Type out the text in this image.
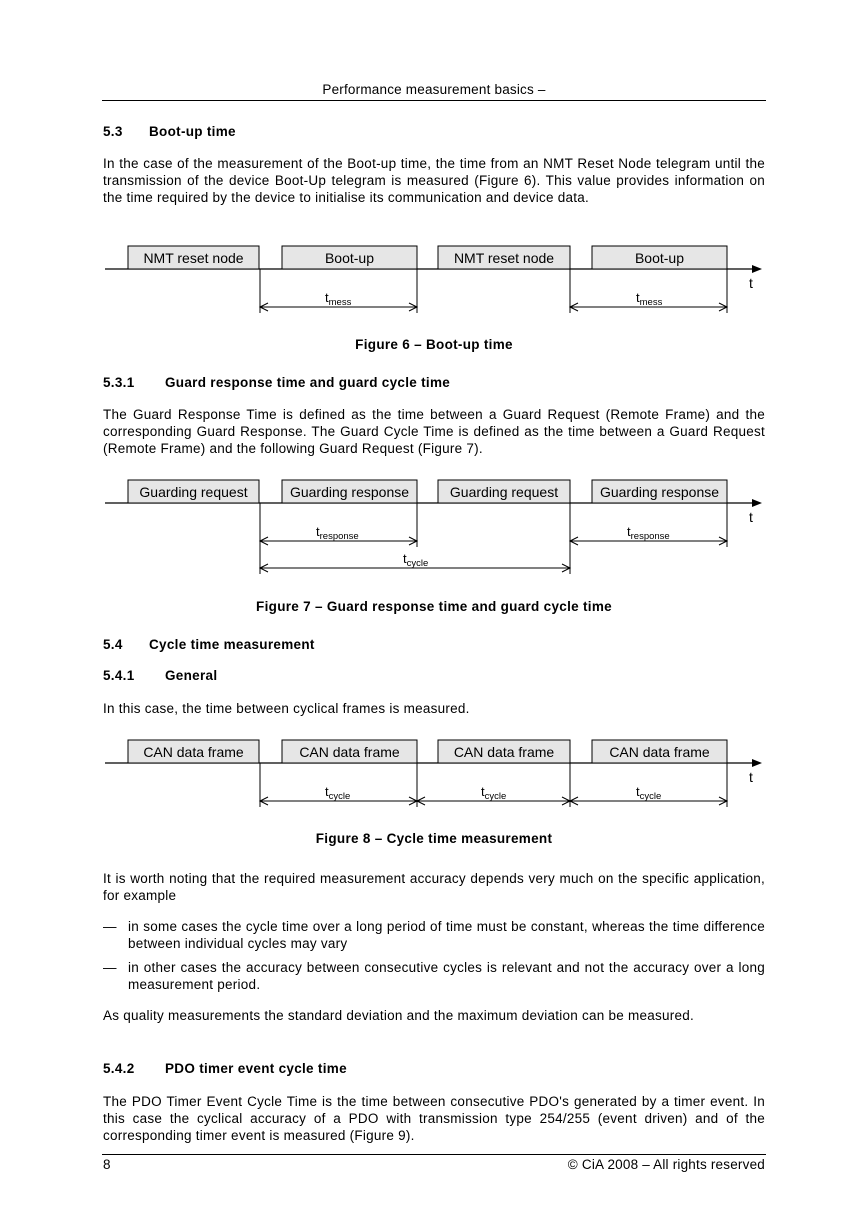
Performance measurement basics –
5.3 Boot-up time
In the case of the measurement of the Boot-up time, the time from an NMT Reset Node telegram until the transmission of the device Boot-Up telegram is measured (Figure 6). This value provides information on the time required by the device to initialise its communication and device data.
NMT reset node	Boot-up	NMT reset node	Boot-up
t
$t_{mess}$	$t_{mess}$
Figure 6 – Boot-up time
5.3.1 Guard response time and guard cycle time
The Guard Response Time is defined as the time between a Guard Request (Remote Frame) and the corresponding Guard Response. The Guard Cycle Time is defined as the time between a Guard Request (Remote Frame) and the following Guard Request (Figure 7).
Guarding request	Guarding response	Guarding request	Guarding response
t
$t_{response}$	$t_{response}$
$t_{cycle}$
Figure 7 – Guard response time and guard cycle time
5.4 Cycle time measurement
5.4.1 General
In this case, the time between cyclical frames is measured.
CAN data frame	CAN data frame	CAN data frame	CAN data frame
t
$t_{cycle}$	$t_{cycle}$	$t_{cycle}$
Figure 8 – Cycle time measurement
It is worth noting that the required measurement accuracy depends very much on the specific application, for example
— in some cases the cycle time over a long period of time must be constant, whereas the time difference between individual cycles may vary
— in other cases the accuracy between consecutive cycles is relevant and not the accuracy over a long measurement period.
As quality measurements the standard deviation and the maximum deviation can be measured.
5.4.2 PDO timer event cycle time
The PDO Timer Event Cycle Time is the time between consecutive PDO's generated by a timer event. In this case the cyclical accuracy of a PDO with transmission type 254/255 (event driven) and of the corresponding timer event is measured (Figure 9).
8	© CiA 2008 – All rights reserved
